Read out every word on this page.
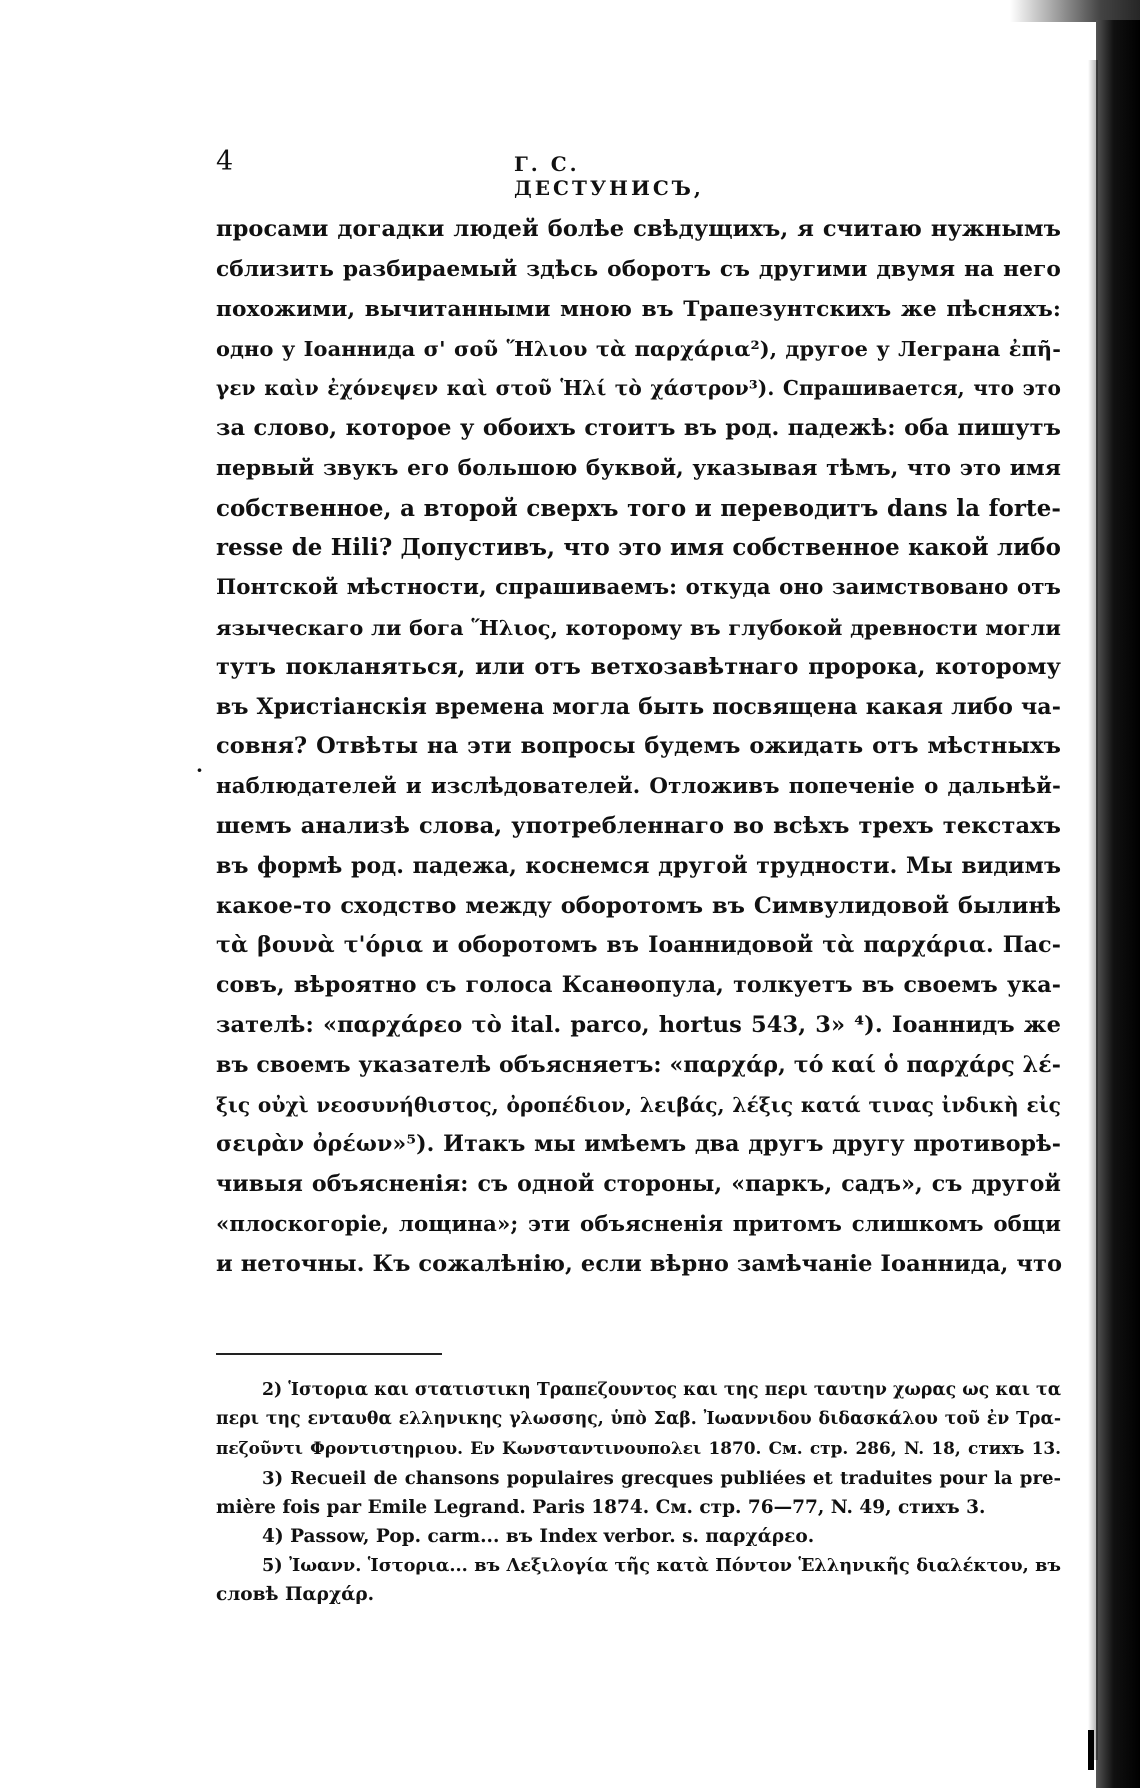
4	Г. С. ДЕСТУНИСЪ,
·
просами догадки людей болѣе свѣдущихъ, я считаю нужнымъ
сблизить разбираемый здѣсь оборотъ съ другими двумя на него
похожими, вычитанными мною въ Трапезунтскихъ же пѣсняхъ:
одно у Іоаннида σ' σοῦ Ἥλιου τὰ παρχάρια²), другое у Леграна ἐπῆ-
γεν καὶν ἐχόνεψεν καὶ στοῦ Ἡλί τὸ χάστρον³). Спрашивается, что это
за слово, которое у обоихъ стоитъ въ род. падежѣ: оба пишутъ
первый звукъ его большою буквой, указывая тѣмъ, что это имя
собственное, а второй сверхъ того и переводитъ dans la forte-
resse de Hili? Допустивъ, что это имя собственное какой либо
Понтской мѣстности, спрашиваемъ: откуда оно заимствовано отъ
языческаго ли бога Ἥλιος, которому въ глубокой древности могли
тутъ покланяться, или отъ ветхозавѣтнаго пророка, которому
въ Христіанскія времена могла быть посвящена какая либо ча-
совня? Отвѣты на эти вопросы будемъ ожидать отъ мѣстныхъ
наблюдателей и изслѣдователей. Отложивъ попеченіе о дальнѣй-
шемъ анализѣ слова, употребленнаго во всѣхъ трехъ текстахъ
въ формѣ род. падежа, коснемся другой трудности. Мы видимъ
какое-то сходство между оборотомъ въ Симвулидовой былинѣ
τὰ βουνὰ τ'όρια и оборотомъ въ Іоаннидовой τὰ παρχάρια. Пас-
совъ, вѣроятно съ голоса Ксанѳопула, толкуетъ въ своемъ ука-
зателѣ: «παρχάρεο τὸ ital. parco, hortus 543, 3» ⁴). Іоаннидъ же
въ своемъ указателѣ объясняетъ: «παρχάρ, τό καί ὁ παρχάρς λέ-
ξις οὐχὶ νεοσυνήθιστος, ὀροπέδιον, λειβάς, λέξις κατά τινας ἰνδικὴ εἰς
σειρὰν ὀρέων»⁵). Итакъ мы имѣемъ два другъ другу противорѣ-
чивыя объясненія: съ одной стороны, «паркъ, садъ», съ другой
«плоскогоріе, лощина»; эти объясненія притомъ слишкомъ общи
и неточны. Къ сожалѣнію, если вѣрно замѣчаніе Іоаннида, что
2) Ἱστορια και στατιστικη Τραπεζουντος και της περι ταυτην χωρας ως και τα
περι της ενταυθα ελληνικης γλωσσης, ὑπὸ Σαβ. Ἰωαννιδου διδασκάλου τοῦ ἐν Τρα-
πεζοῦντι Φροντιστηριου. Εν Κωνσταντινουπολει 1870. См. стр. 286, N. 18, стихъ 13.
3) Recueil de chansons populaires grecques publiées et traduites pour la pre-
mière fois par Emile Legrand. Paris 1874. См. стр. 76—77, N. 49, стихъ 3.
4) Passow, Pop. carm... въ Index verbor. s. παρχάρεο.
5) Ἰωανν. Ἱστορια... въ Λεξιλογία τῆς κατὰ Πόντον Ἑλληνικῆς διαλέκτου, въ
словѣ Παρχάρ.
